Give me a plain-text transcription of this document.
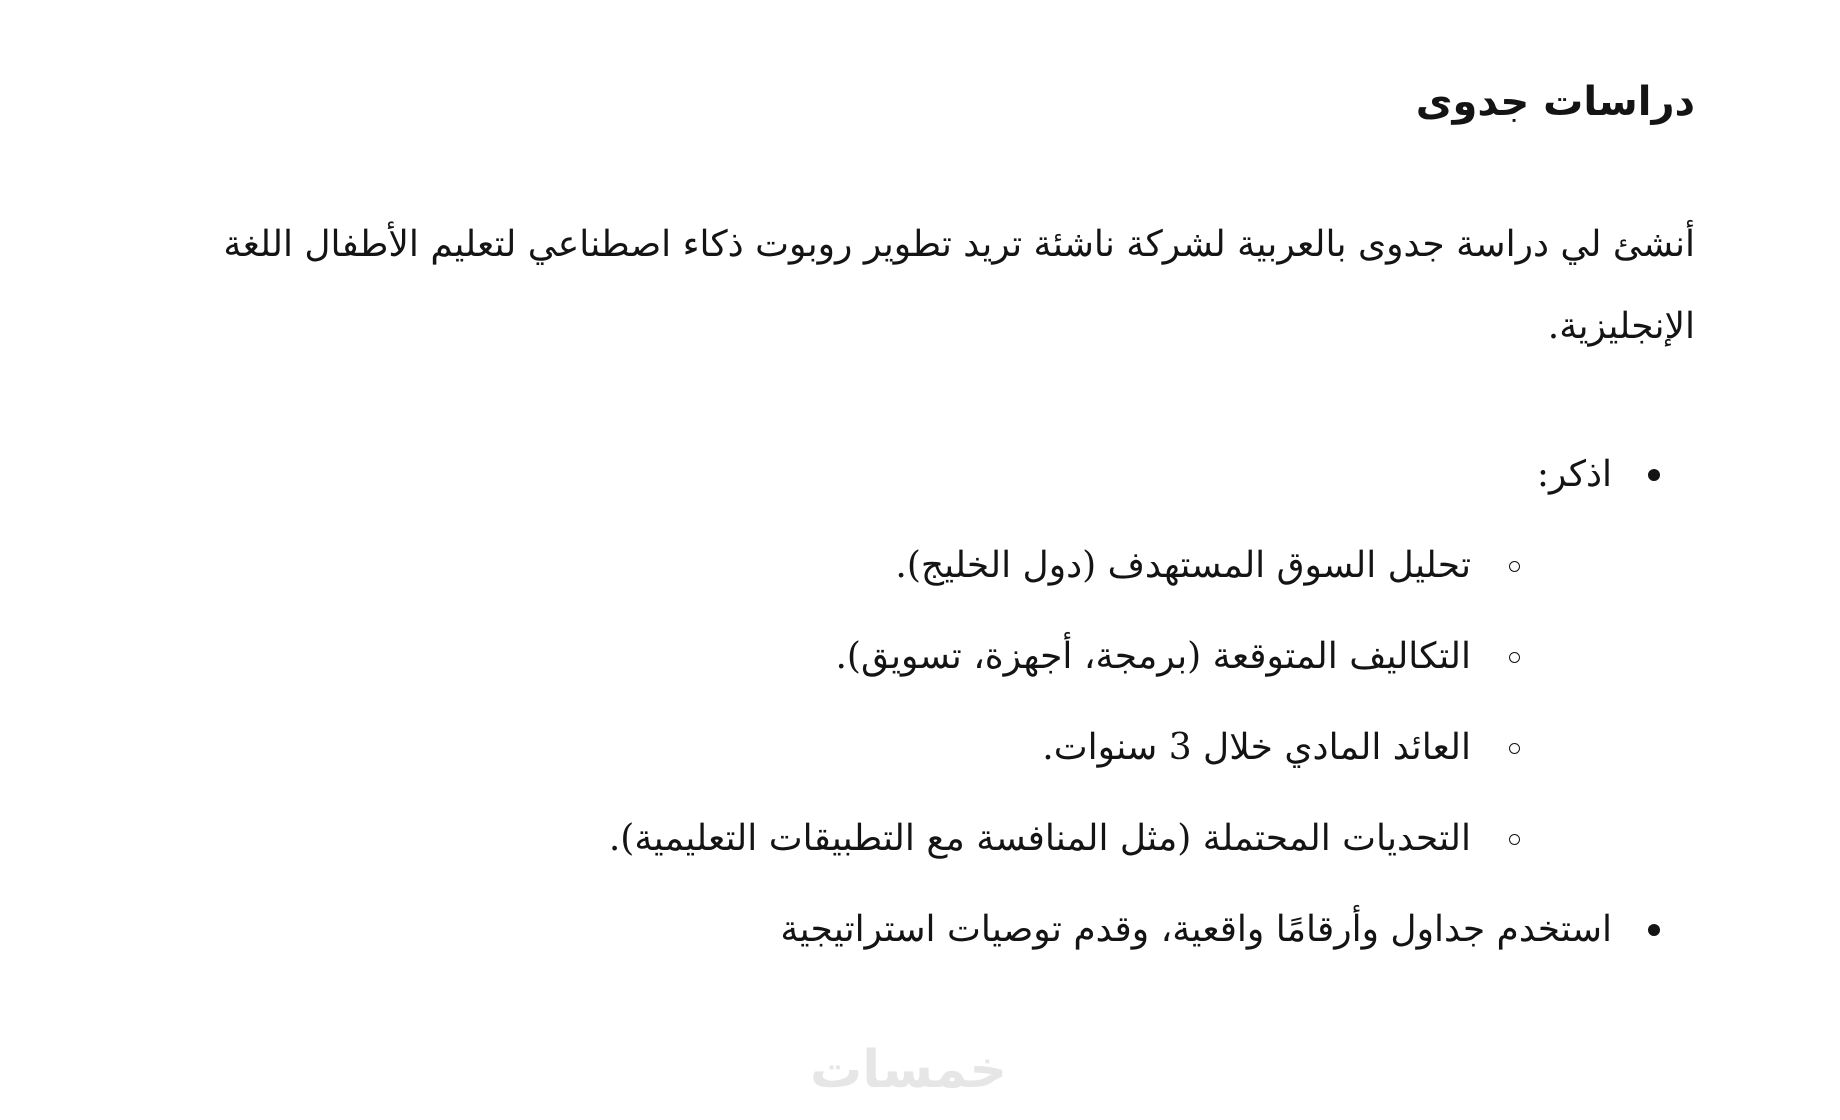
دراسات جدوى

أنشئ لي دراسة جدوى بالعربية لشركة ناشئة تريد تطوير روبوت ذكاء اصطناعي لتعليم الأطفال اللغة

الإنجليزية.

اذكر:
تحليل السوق المستهدف (دول الخليج).
التكاليف المتوقعة (برمجة، أجهزة، تسويق).
العائد المادي خلال 3 سنوات.
التحديات المحتملة (مثل المنافسة مع التطبيقات التعليمية).
استخدم جداول وأرقامًا واقعية، وقدم توصيات استراتيجية
خمسات
